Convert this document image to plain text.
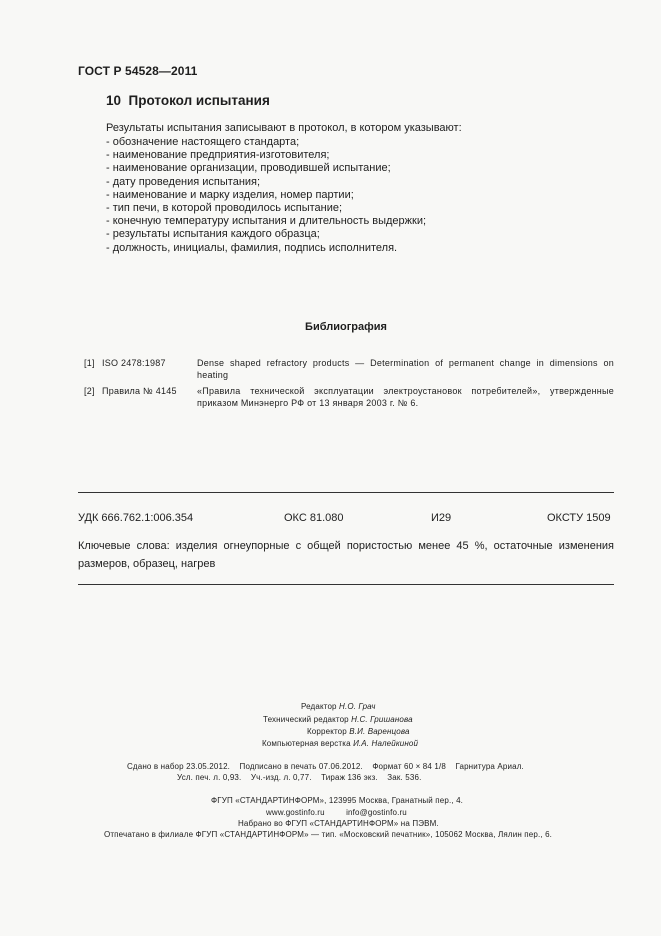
ГОСТ Р 54528—2011
10 Протокол испытания
Результаты испытания записывают в протокол, в котором указывают:
- обозначение настоящего стандарта;
- наименование предприятия-изготовителя;
- наименование организации, проводившей испытание;
- дату проведения испытания;
- наименование и марку изделия, номер партии;
- тип печи, в которой проводилось испытание;
- конечную температуру испытания и длительность выдержки;
- результаты испытания каждого образца;
- должность, инициалы, фамилия, подпись исполнителя.
Библиография
[1] ISO 2478:1987	Dense shaped refractory products — Determination of permanent change in dimensions on heating
[2] Правила № 4145 «Правила технической эксплуатации электроустановок потребителей», утвержденные приказом Минэнерго РФ от 13 января 2003 г. № 6.
УДК 666.762.1:006.354	ОКС 81.080	И29	ОКСТУ 1509
Ключевые слова: изделия огнеупорные с общей пористостью менее 45 %, остаточные изменения размеров, образец, нагрев
Редактор Н.О. Грач
Технический редактор Н.С. Гришанова
Корректор В.И. Варенцова
Компьютерная верстка И.А. Налейкиной
Сдано в набор 23.05.2012. Подписано в печать 07.06.2012. Формат 60 × 84 1/8 Гарнитура Ариал.
Усл. печ. л. 0,93. Уч.-изд. л. 0,77. Тираж 136 экз. Зак. 536.
ФГУП «СТАНДАРТИНФОРМ», 123995 Москва, Гранатный пер., 4.
www.gostinfo.ru	info@gostinfo.ru
Набрано во ФГУП «СТАНДАРТИНФОРМ» на ПЭВМ.
Отпечатано в филиале ФГУП «СТАНДАРТИНФОРМ» — тип. «Московский печатник», 105062 Москва, Лялин пер., 6.
